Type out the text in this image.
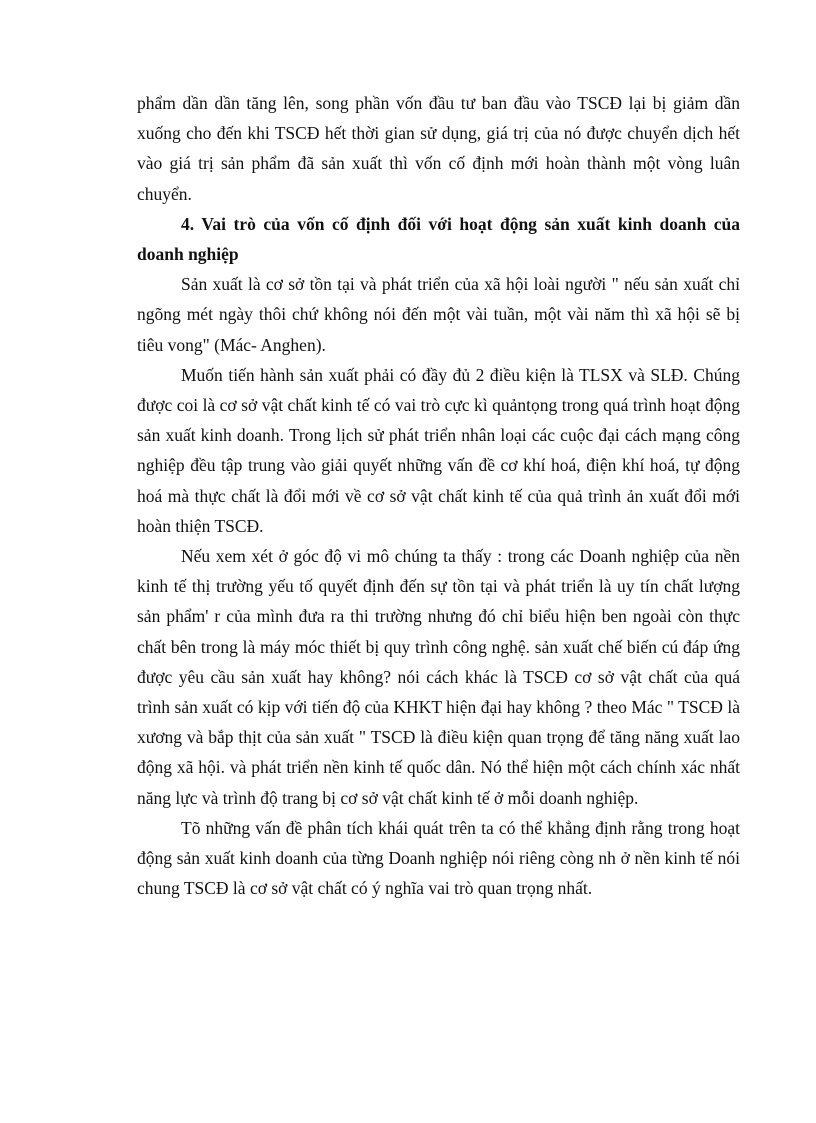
phẩm dần dần tăng lên, song phần vốn đầu tư ban đầu vào TSCĐ lại bị giảm dần xuống cho đến khi TSCĐ hết thời gian sử dụng, giá trị của nó được chuyển dịch hết vào giá trị sản phẩm đã sản xuất thì vốn cố định mới hoàn thành một vòng luân chuyển.

4. Vai trò của vốn cố định đối với hoạt động sản xuất kinh doanh của doanh nghiệp

Sản xuất là cơ sở tồn tại và phát triển của xã hội loài người " nếu sản xuất chỉ ngõng mét ngày thôi chứ không nói đến một vài tuần, một vài năm thì xã hội sẽ bị tiêu vong" (Mác- Anghen).

Muốn tiến hành sản xuất phải có đầy đủ 2 điều kiện là TLSX và SLĐ. Chúng được coi là cơ sở vật chất kinh tế có vai trò cực kì quảntọng trong quá trình hoạt động sản xuất kinh doanh. Trong lịch sử phát triển nhân loại các cuộc đại cách mạng công nghiệp đều tập trung vào giải quyết những vấn đề cơ khí hoá, điện khí hoá, tự động hoá mà thực chất là đổi mới về cơ sở vật chất kinh tế của quả trình ản xuất đổi mới hoàn thiện TSCĐ.

Nếu xem xét ở góc độ vi mô chúng ta thấy : trong các Doanh nghiệp của nền kinh tế thị trường yếu tố quyết định đến sự tồn tại và phát triển là uy tín chất lượng sản phẩm' r của mình đưa ra thi trường nhưng đó chỉ biểu hiện ben ngoài còn thực chất bên trong là máy móc thiết bị quy trình công nghệ. sản xuất chế biến cú đáp ứng được yêu cầu sản xuất hay không? nói cách khác là TSCĐ cơ sở vật chất của quá trình sản xuất có kịp với tiến độ của KHKT hiện đại hay không ? theo Mác " TSCĐ là xương và bắp thịt của sản xuất " TSCĐ là điều kiện quan trọng để tăng năng xuất lao động xã hội. và phát triển nền kinh tế quốc dân. Nó thể hiện một cách chính xác nhất năng lực và trình độ trang bị cơ sở vật chất kinh tế ở mỗi doanh nghiệp.

Tõ những vấn đề phân tích khái quát trên ta có thể khẳng định rằng trong hoạt động sản xuất kinh doanh của từng Doanh nghiệp nói riêng còng nh ở nền kinh tế nói chung TSCĐ là cơ sở vật chất có ý nghĩa vai trò quan trọng nhất.
